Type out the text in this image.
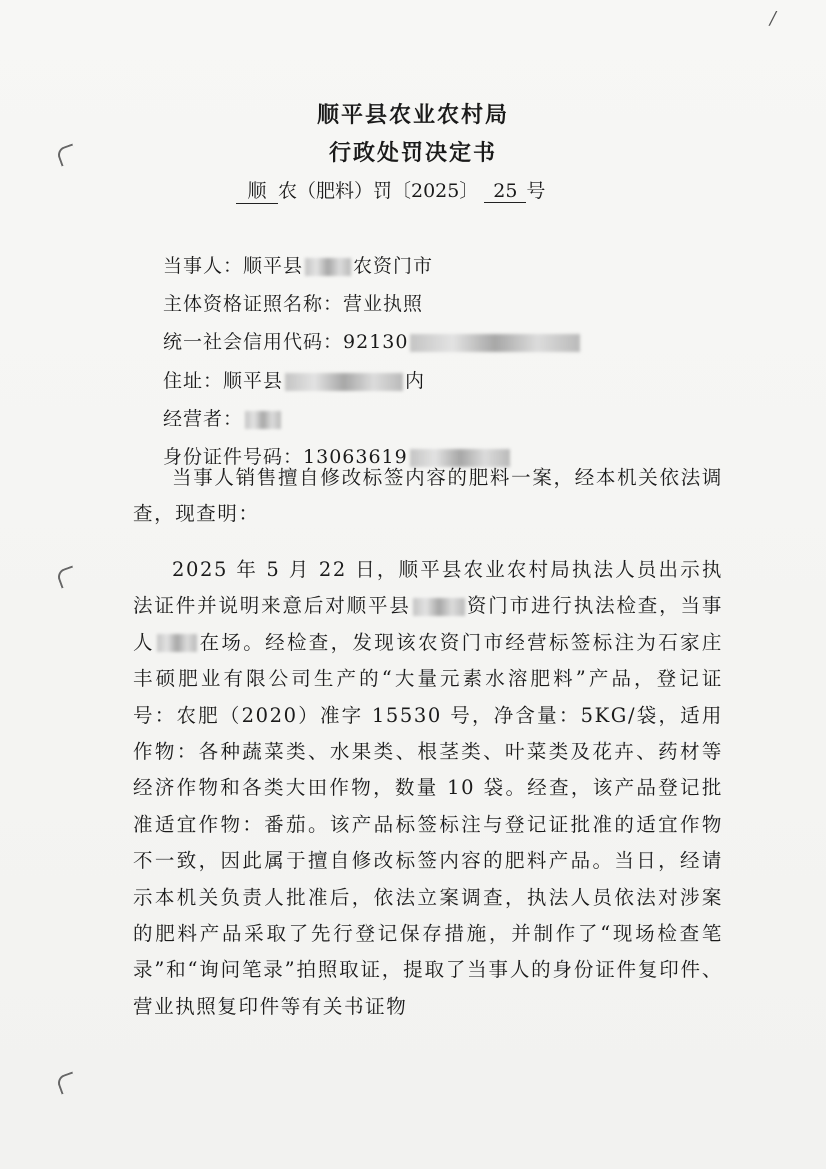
/
顺平县农业农村局
行政处罚决定书
顺 农（肥料）罚〔2025〕 25 号
当事人：顺平县	农资门市
主体资格证照名称：营业执照
统一社会信用代码：92130
住址：顺平县	内
经营者：
身份证件号码：13063619

当事人销售擅自修改标签内容的肥料一案，经本机关依法调查，现查明：

2025 年 5 月 22 日，顺平县农业农村局执法人员出示执法证件并说明来意后对顺平县	资门市进行执法检查，当事人 在场。经检查，发现该农资门市经营标签标注为石家庄丰硕肥业有限公司生产的“大量元素水溶肥料”产品，登记证号：农肥（2020）准字 15530 号，净含量：5KG/袋，适用作物：各种蔬菜类、水果类、根茎类、叶菜类及花卉、药材等经济作物和各类大田作物，数量 10 袋。经查，该产品登记批准适宜作物：番茄。该产品标签标注与登记证批准的适宜作物不一致，因此属于擅自修改标签内容的肥料产品。当日，经请示本机关负责人批准后，依法立案调查，执法人员依法对涉案的肥料产品采取了先行登记保存措施，并制作了“现场检查笔录”和“询问笔录”拍照取证，提取了当事人的身份证件复印件、营业执照复印件等有关书证物
